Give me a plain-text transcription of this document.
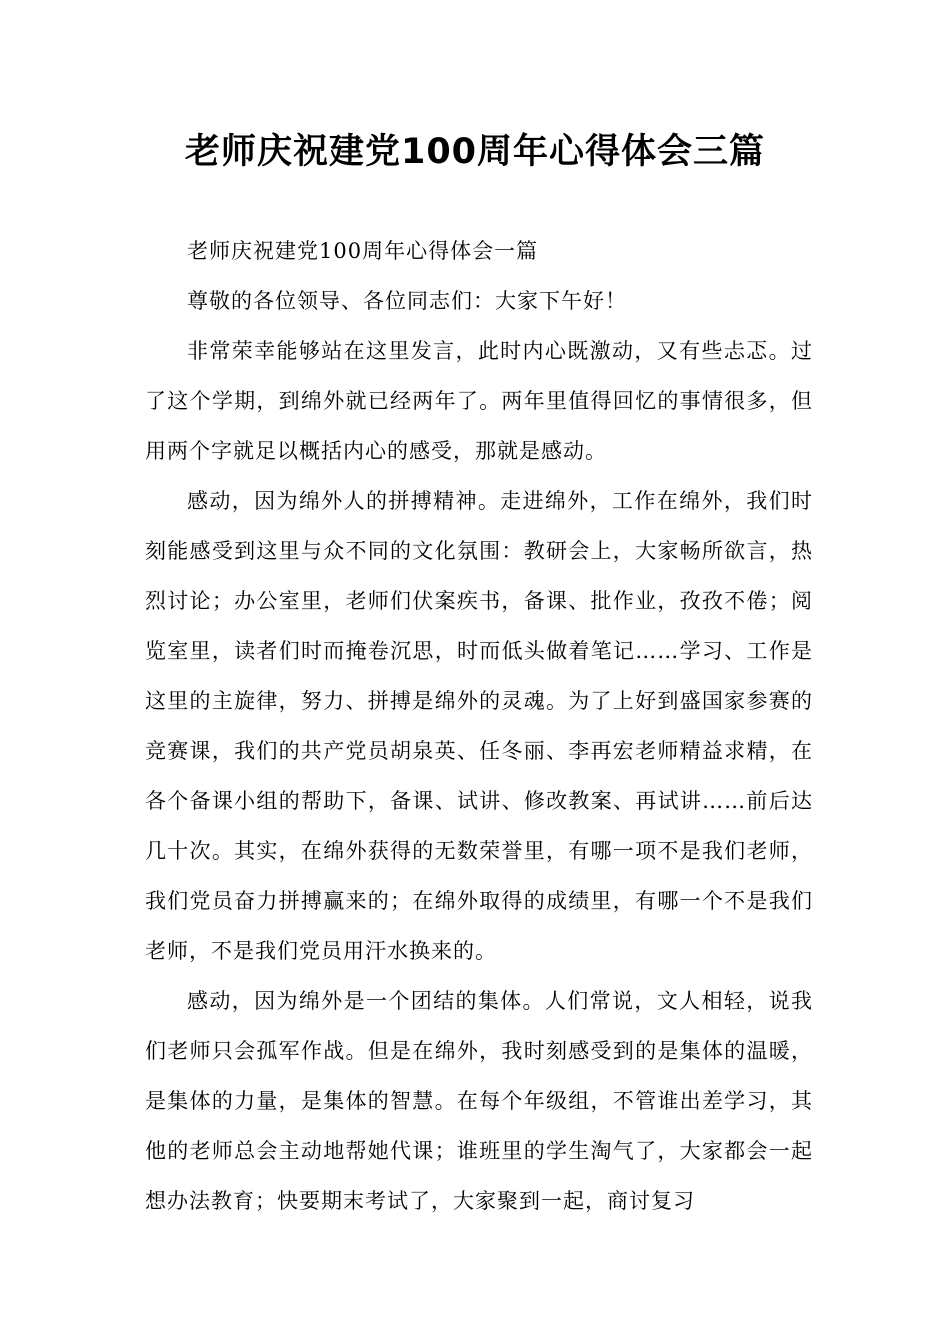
老师庆祝建党100周年心得体会三篇

老师庆祝建党100周年心得体会一篇

尊敬的各位领导、各位同志们：大家下午好！

非常荣幸能够站在这里发言，此时内心既激动，又有些忐忑。过了这个学期，到绵外就已经两年了。两年里值得回忆的事情很多，但用两个字就足以概括内心的感受，那就是感动。

感动，因为绵外人的拼搏精神。走进绵外，工作在绵外，我们时刻能感受到这里与众不同的文化氛围：教研会上，大家畅所欲言，热烈讨论；办公室里，老师们伏案疾书，备课、批作业，孜孜不倦；阅览室里，读者们时而掩卷沉思，时而低头做着笔记……学习、工作是这里的主旋律，努力、拼搏是绵外的灵魂。为了上好到盛国家参赛的竞赛课，我们的共产党员胡泉英、任冬丽、李再宏老师精益求精，在各个备课小组的帮助下，备课、试讲、修改教案、再试讲……前后达几十次。其实，在绵外获得的无数荣誉里，有哪一项不是我们老师，我们党员奋力拼搏赢来的；在绵外取得的成绩里，有哪一个不是我们老师，不是我们党员用汗水换来的。

感动，因为绵外是一个团结的集体。人们常说，文人相轻，说我们老师只会孤军作战。但是在绵外，我时刻感受到的是集体的温暖，是集体的力量，是集体的智慧。在每个年级组，不管谁出差学习，其他的老师总会主动地帮她代课；谁班里的学生淘气了，大家都会一起想办法教育；快要期末考试了，大家聚到一起，商讨复习
